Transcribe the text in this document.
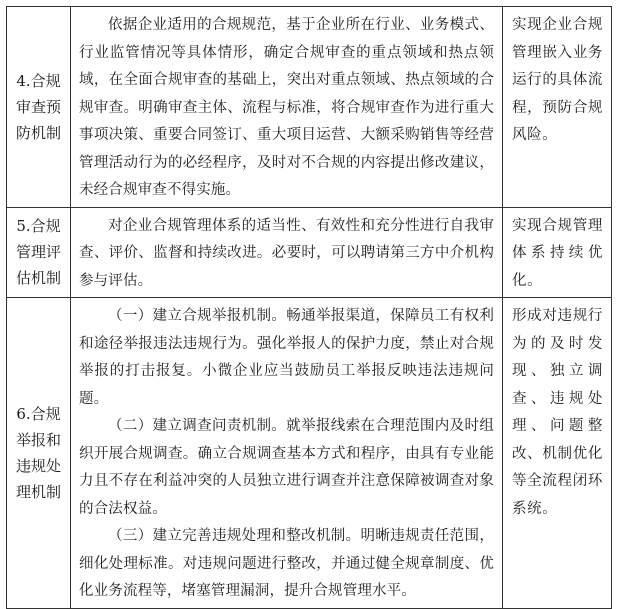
4.合规审查预防机制	依据企业适用的合规规范，基于企业所在行业、业务模式、行业监管情况等具体情形，确定合规审查的重点领域和热点领域，在全面合规审查的基础上，突出对重点领域、热点领域的合规审查。明确审查主体、流程与标准，将合规审查作为进行重大事项决策、重要合同签订、重大项目运营、大额采购销售等经营管理活动行为的必经程序，及时对不合规的内容提出修改建议，未经合规审查不得实施。	实现企业合规管理嵌入业务运行的具体流程，预防合规风险。
5.合规管理评估机制	对企业合规管理体系的适当性、有效性和充分性进行自我审查、评价、监督和持续改进。必要时，可以聘请第三方中介机构参与评估。	实现合规管理体系持续优化。
6.合规举报和违规处理机制	（一）建立合规举报机制。畅通举报渠道，保障员工有权利和途径举报违法违规行为。强化举报人的保护力度，禁止对合规举报的打击报复。小微企业应当鼓励员工举报反映违法违规问题。

（二）建立调查问责机制。就举报线索在合理范围内及时组织开展合规调查。确立合规调查基本方式和程序，由具有专业能力且不存在利益冲突的人员独立进行调查并注意保障被调查对象的合法权益。

（三）建立完善违规处理和整改机制。明晰违规责任范围，细化处理标准。对违规问题进行整改，并通过健全规章制度、优化业务流程等，堵塞管理漏洞，提升合规管理水平。	形成对违规行为的及时发现、独立调查、违规处理、问题整改、机制优化等全流程闭环系统。
